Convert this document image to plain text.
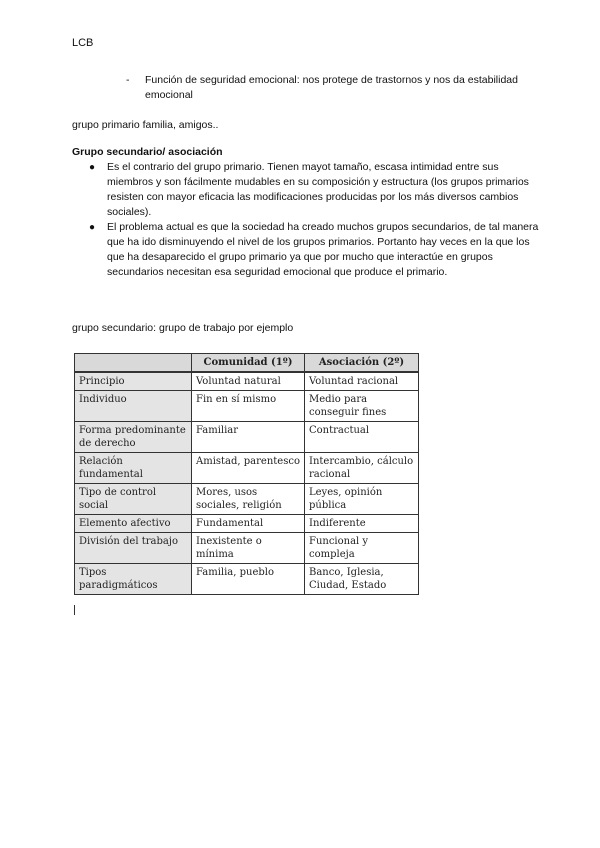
LCB
- Función de seguridad emocional: nos protege de trastornos y nos da estabilidad emocional
grupo primario familia, amigos..
Grupo secundario/ asociación
● Es el contrario del grupo primario. Tienen mayot tamaño, escasa intimidad entre sus miembros y son fácilmente mudables en su composición y estructura (los grupos primarios resisten con mayor eficacia las modificaciones producidas por los más diversos cambios sociales).
● El problema actual es que la sociedad ha creado muchos grupos secundarios, de tal manera que ha ido disminuyendo el nivel de los grupos primarios. Portanto hay veces en la que los que ha desaparecido el grupo primario ya que por mucho que interactúe en grupos secundarios necesitan esa seguridad emocional que produce el primario.
grupo secundario: grupo de trabajo por ejemplo
	Comunidad (1º)	Asociación (2º)
Principio	Voluntad natural	Voluntad racional
Individuo	Fin en sí mismo	Medio para conseguir fines
Forma predominante de derecho	Familiar	Contractual
Relación fundamental	Amistad, parentesco	Intercambio, cálculo racional
Tipo de control social	Mores, usos sociales, religión	Leyes, opinión pública
Elemento afectivo	Fundamental	Indiferente
División del trabajo	Inexistente o mínima	Funcional y compleja
Tipos paradigmáticos	Familia, pueblo	Banco, Iglesia, Ciudad, Estado
